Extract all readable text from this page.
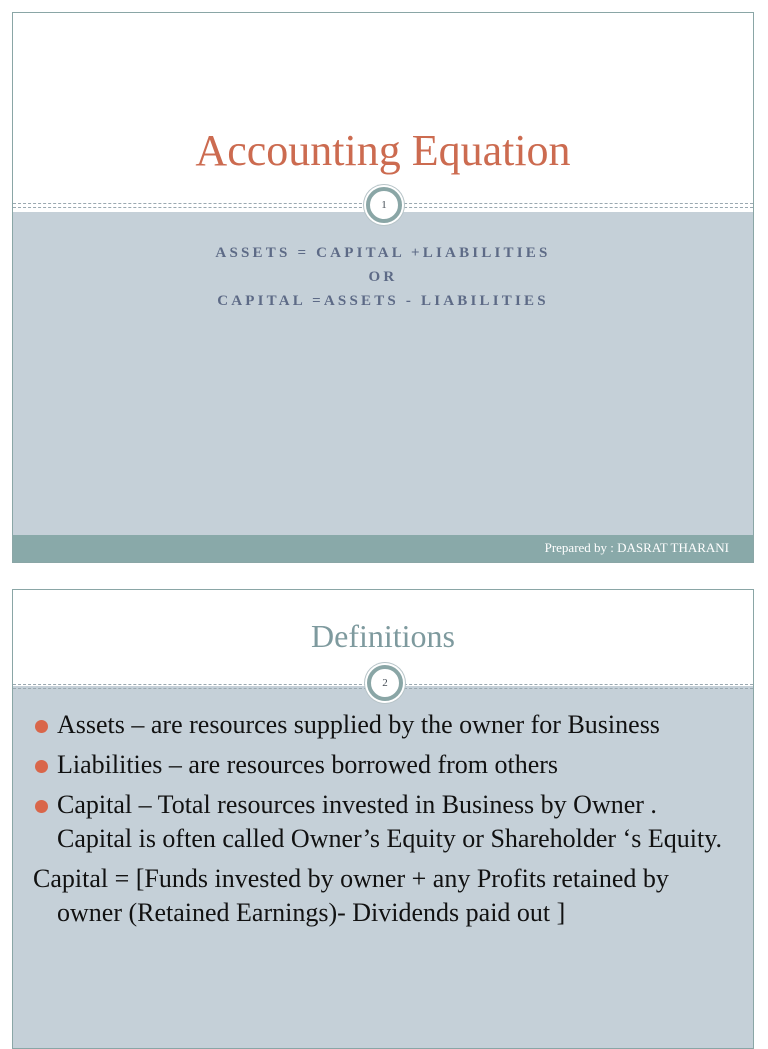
Accounting Equation
1
ASSETS = CAPITAL +LIABILITIES
OR
CAPITAL =ASSETS - LIABILITIES
Prepared by : DASRAT THARANI
Definitions
2
Assets – are resources supplied by the owner for Business
Liabilities – are resources borrowed from others
Capital – Total resources invested in Business by Owner . Capital is often called Owner’s Equity or Shareholder ‘s Equity.
Capital = [Funds invested by owner + any Profits retained by owner (Retained Earnings)- Dividends paid out ]
